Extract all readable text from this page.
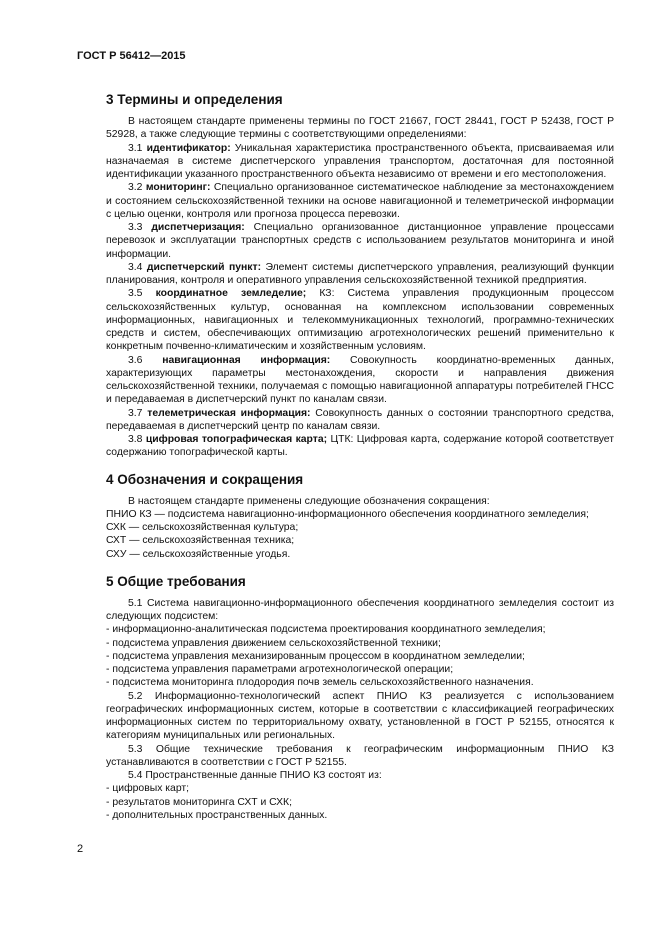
ГОСТ Р 56412—2015
3 Термины и определения

В настоящем стандарте применены термины по ГОСТ 21667, ГОСТ 28441, ГОСТ Р 52438, ГОСТ Р 52928, а также следующие термины с соответствующими определениями:

3.1 идентификатор: Уникальная характеристика пространственного объекта, присваиваемая или назначаемая в системе диспетчерского управления транспортом, достаточная для постоянной идентификации указанного пространственного объекта независимо от времени и его местоположения.

3.2 мониторинг: Специально организованное систематическое наблюдение за местонахождением и состоянием сельскохозяйственной техники на основе навигационной и телеметрической информации с целью оценки, контроля или прогноза процесса перевозки.

3.3 диспетчеризация: Специально организованное дистанционное управление процессами перевозок и эксплуатации транспортных средств с использованием результатов мониторинга и иной информации.

3.4 диспетчерский пункт: Элемент системы диспетчерского управления, реализующий функции планирования, контроля и оперативного управления сельскохозяйственной техникой предприятия.

3.5 координатное земледелие; КЗ: Система управления продукционным процессом сельскохозяйственных культур, основанная на комплексном использовании современных информационных, навигационных и телекоммуникационных технологий, программно-технических средств и систем, обеспечивающих оптимизацию агротехнологических решений применительно к конкретным почвенно-климатическим и хозяйственным условиям.

3.6 навигационная информация: Совокупность координатно-временных данных, характеризующих параметры местонахождения, скорости и направления движения сельскохозяйственной техники, получаемая с помощью навигационной аппаратуры потребителей ГНСС и передаваемая в диспетчерский пункт по каналам связи.

3.7 телеметрическая информация: Совокупность данных о состоянии транспортного средства, передаваемая в диспетчерский центр по каналам связи.

3.8 цифровая топографическая карта; ЦТК: Цифровая карта, содержание которой соответствует содержанию топографической карты.

4 Обозначения и сокращения

В настоящем стандарте применены следующие обозначения сокращения:

ПНИО КЗ — подсистема навигационно-информационного обеспечения координатного земледелия;

СХК — сельскохозяйственная культура;

СХТ — сельскохозяйственная техника;

СХУ — сельскохозяйственные угодья.

5 Общие требования

5.1 Система навигационно-информационного обеспечения координатного земледелия состоит из следующих подсистем:

- информационно-аналитическая подсистема проектирования координатного земледелия;

- подсистема управления движением сельскохозяйственной техники;

- подсистема управления механизированным процессом в координатном земледелии;

- подсистема управления параметрами агротехнологической операции;

- подсистема мониторинга плодородия почв земель сельскохозяйственного назначения.

5.2 Информационно-технологический аспект ПНИО КЗ реализуется с использованием географических информационных систем, которые в соответствии с классификацией географических информационных систем по территориальному охвату, установленной в ГОСТ Р 52155, относятся к категориям муниципальных или региональных.

5.3 Общие технические требования к географическим информационным ПНИО КЗ устанавливаются в соответствии с ГОСТ Р 52155.

5.4 Пространственные данные ПНИО КЗ состоят из:

- цифровых карт;

- результатов мониторинга СХТ и СХК;

- дополнительных пространственных данных.

2
